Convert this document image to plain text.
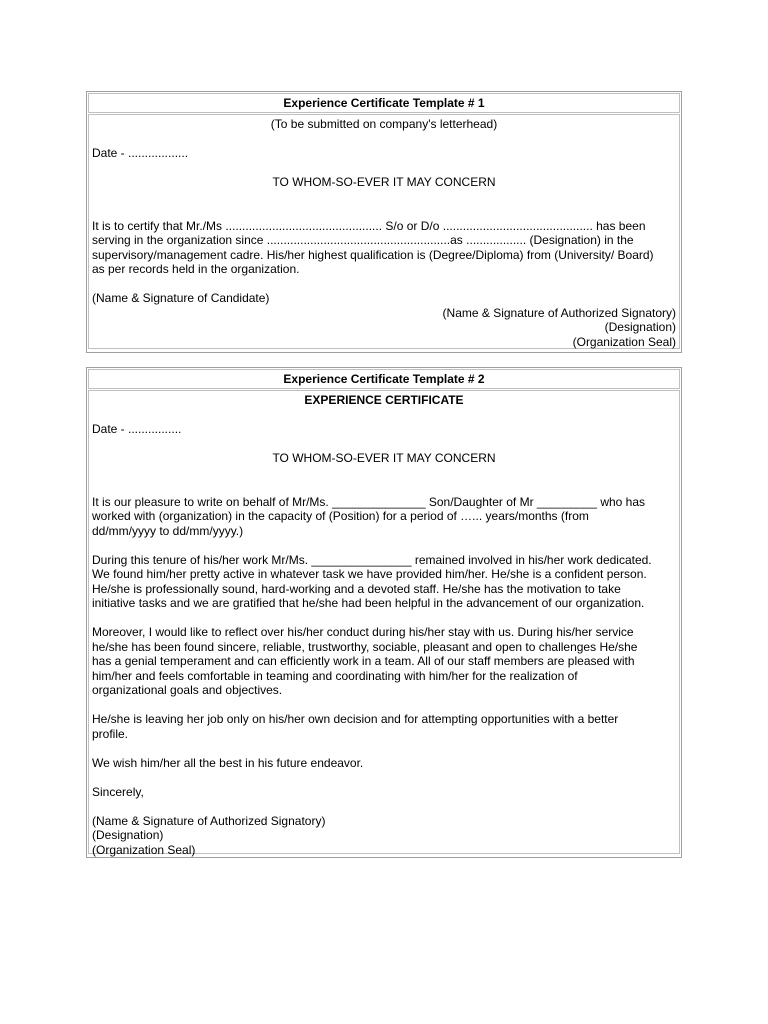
Experience Certificate Template # 1

(To be submitted on company's letterhead)

Date - ..................

TO WHOM-SO-EVER IT MAY CONCERN

It is to certify that Mr./Ms ............................................... S/o or D/o ............................................. has been

serving in the organization since .......................................................as .................. (Designation) in the

supervisory/management cadre. His/her highest qualification is (Degree/Diploma) from (University/ Board)

as per records held in the organization.

(Name & Signature of Candidate)

(Name & Signature of Authorized Signatory)

(Designation)

(Organization Seal)

Experience Certificate Template # 2

EXPERIENCE CERTIFICATE

Date - ................

TO WHOM-SO-EVER IT MAY CONCERN

It is our pleasure to write on behalf of Mr/Ms. ______________ Son/Daughter of Mr _________ who has

worked with (organization) in the capacity of (Position) for a period of …... years/months (from

dd/mm/yyyy to dd/mm/yyyy.)

During this tenure of his/her work Mr/Ms. _______________ remained involved in his/her work dedicated.

We found him/her pretty active in whatever task we have provided him/her. He/she is a confident person.

He/she is professionally sound, hard-working and a devoted staff. He/she has the motivation to take

initiative tasks and we are gratified that he/she had been helpful in the advancement of our organization.

Moreover, I would like to reflect over his/her conduct during his/her stay with us. During his/her service

he/she has been found sincere, reliable, trustworthy, sociable, pleasant and open to challenges He/she

has a genial temperament and can efficiently work in a team. All of our staff members are pleased with

him/her and feels comfortable in teaming and coordinating with him/her for the realization of

organizational goals and objectives.

He/she is leaving her job only on his/her own decision and for attempting opportunities with a better

profile.

We wish him/her all the best in his future endeavor.

Sincerely,

(Name & Signature of Authorized Signatory)

(Designation)

(Organization Seal)
